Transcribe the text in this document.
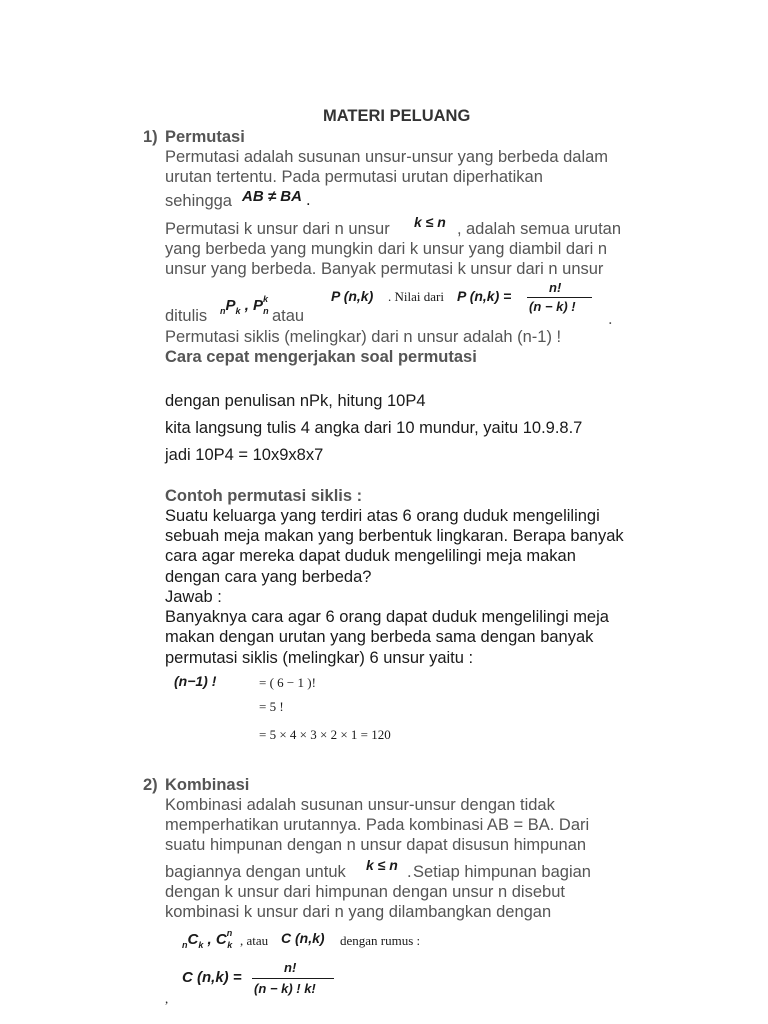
MATERI PELUANG
1) Permutasi
Permutasi adalah susunan unsur-unsur yang berbeda dalam
urutan tertentu. Pada permutasi urutan diperhatikan
sehingga AB ≠ BA .
Permutasi k unsur dari n unsur k ≤ n , adalah semua urutan
yang berbeda yang mungkin dari k unsur yang diambil dari n
unsur yang berbeda. Banyak permutasi k unsur dari n unsur
ditulis $_nP_k$ , $P^k_n$ atau
P (n,k) . Nilai dari P (n,k) =
n!
(n − k) !
.
Permutasi siklis (melingkar) dari n unsur adalah (n-1) !
Cara cepat mengerjakan soal permutasi
dengan penulisan nPk, hitung 10P4
kita langsung tulis 4 angka dari 10 mundur, yaitu 10.9.8.7
jadi 10P4 = 10x9x8x7
Contoh permutasi siklis :
Suatu keluarga yang terdiri atas 6 orang duduk mengelilingi
sebuah meja makan yang berbentuk lingkaran. Berapa banyak
cara agar mereka dapat duduk mengelilingi meja makan
dengan cara yang berbeda?
Jawab :
Banyaknya cara agar 6 orang dapat duduk mengelilingi meja
makan dengan urutan yang berbeda sama dengan banyak
permutasi siklis (melingkar) 6 unsur yaitu :
(n−1) !	= ( 6 − 1 )!
= 5 !
= 5 × 4 × 3 × 2 × 1 = 120
2) Kombinasi
Kombinasi adalah susunan unsur-unsur dengan tidak
memperhatikan urutannya. Pada kombinasi AB = BA. Dari
suatu himpunan dengan n unsur dapat disusun himpunan
bagiannya dengan untuk k ≤ n . Setiap himpunan bagian
dengan k unsur dari himpunan dengan unsur n disebut
kombinasi k unsur dari n yang dilambangkan dengan
$_nC_k$ , $C^n_k$ , atau C (n,k) dengan rumus :
C (n,k) =
n!
(n − k) ! k!
,
